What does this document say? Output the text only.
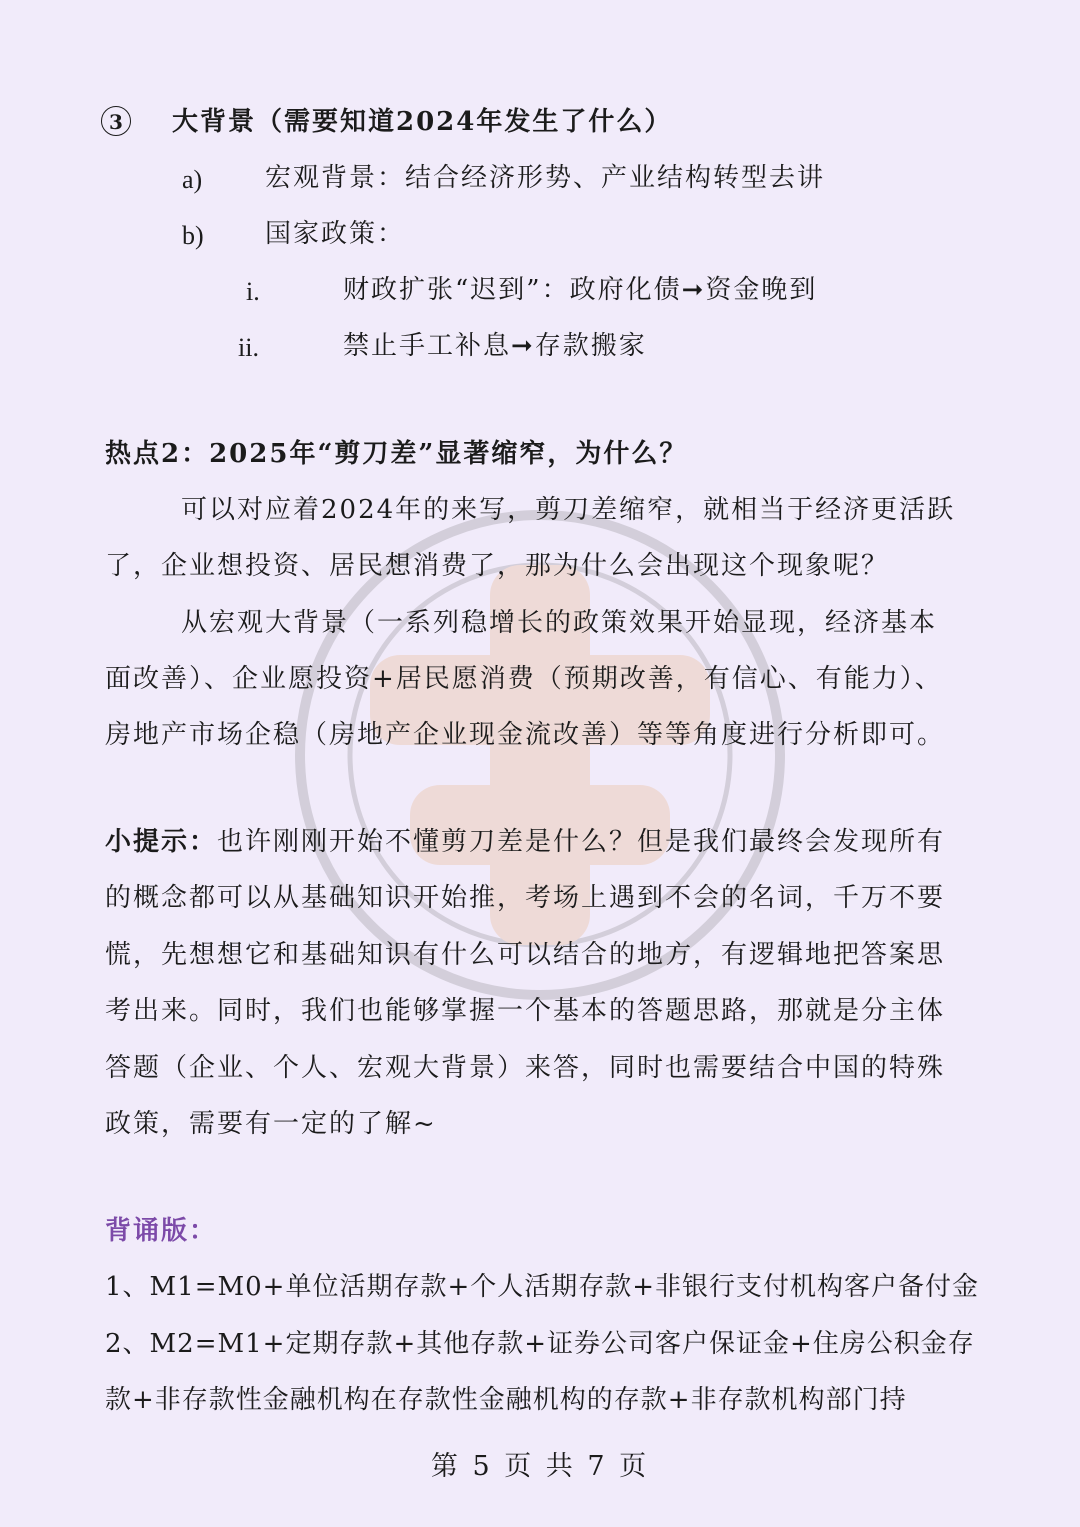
3	大背景（需要知道2024年发生了什么）
a) 宏观背景：结合经济形势、产业结构转型去讲
b) 国家政策：
i.	财政扩张“迟到”：政府化债➞资金晚到
ii.	禁止手工补息➞存款搬家
热点2：2025年“剪刀差”显著缩窄，为什么？
可以对应着2024年的来写，剪刀差缩窄，就相当于经济更活跃
了，企业想投资、居民想消费了，那为什么会出现这个现象呢？
从宏观大背景（一系列稳增长的政策效果开始显现，经济基本
面改善）、企业愿投资+居民愿消费（预期改善，有信心、有能力）、
房地产市场企稳（房地产企业现金流改善）等等角度进行分析即可。
小提示：也许刚刚开始不懂剪刀差是什么？但是我们最终会发现所有
的概念都可以从基础知识开始推，考场上遇到不会的名词，千万不要
慌，先想想它和基础知识有什么可以结合的地方，有逻辑地把答案思
考出来。同时，我们也能够掌握一个基本的答题思路，那就是分主体
答题（企业、个人、宏观大背景）来答，同时也需要结合中国的特殊
政策，需要有一定的了解~
背诵版：
1、M1=M0+单位活期存款+个人活期存款+非银行支付机构客户备付金
2、M2=M1+定期存款+其他存款+证券公司客户保证金+住房公积金存
款+非存款性金融机构在存款性金融机构的存款+非存款机构部门持
第 5 页 共 7 页
